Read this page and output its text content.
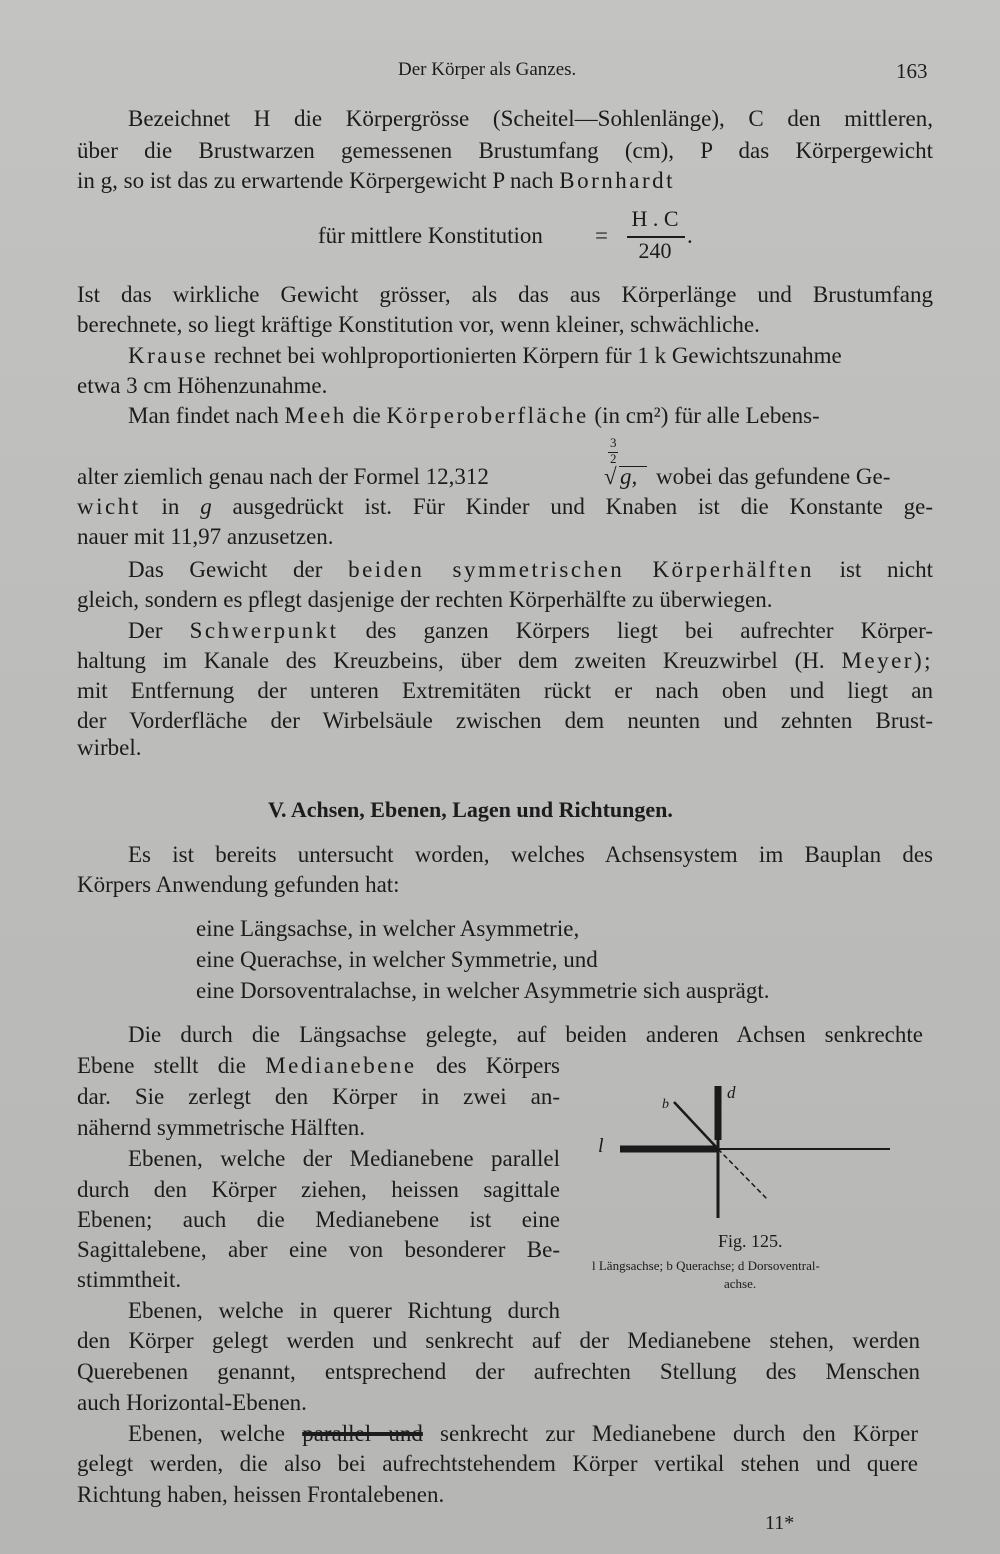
Der Körper als Ganzes.	163
Bezeichnet H die Körpergrösse (Scheitel—Sohlenlänge), C den mittleren,
über die Brustwarzen gemessenen Brustumfang (cm), P das Körpergewicht
in g, so ist das zu erwartende Körpergewicht P nach Bornhardt
für mittlere Konstitution =
H . C
240
.
Ist das wirkliche Gewicht grösser, als das aus Körperlänge und Brustumfang
berechnete, so liegt kräftige Konstitution vor, wenn kleiner, schwächliche.
Krause rechnet bei wohlproportionierten Körpern für 1 k Gewichtszunahme
etwa 3 cm Höhenzunahme.
Man findet nach Meeh die Körperoberfläche (in cm²) für alle Lebens-
3
2
alter ziemlich genau nach der Formel 12,312	√ g, wobei das gefundene Ge-
wicht in g ausgedrückt ist. Für Kinder und Knaben ist die Konstante ge-
nauer mit 11,97 anzusetzen.
Das Gewicht der beiden symmetrischen Körperhälften ist nicht
gleich, sondern es pflegt dasjenige der rechten Körperhälfte zu überwiegen.
Der Schwerpunkt des ganzen Körpers liegt bei aufrechter Körper-
haltung im Kanale des Kreuzbeins, über dem zweiten Kreuzwirbel (H. Meyer);
mit Entfernung der unteren Extremitäten rückt er nach oben und liegt an
der Vorderfläche der Wirbelsäule zwischen dem neunten und zehnten Brust-
wirbel.
V. Achsen, Ebenen, Lagen und Richtungen.
Es ist bereits untersucht worden, welches Achsensystem im Bauplan des
Körpers Anwendung gefunden hat:
eine Längsachse, in welcher Asymmetrie,
eine Querachse, in welcher Symmetrie, und
eine Dorsoventralachse, in welcher Asymmetrie sich ausprägt.
Die durch die Längsachse gelegte, auf beiden anderen Achsen senkrechte
Ebene stellt die Medianebene des Körpers
dar. Sie zerlegt den Körper in zwei an-
nähernd symmetrische Hälften.
Ebenen, welche der Medianebene parallel
durch den Körper ziehen, heissen sagittale
Ebenen; auch die Medianebene ist eine
Sagittalebene, aber eine von besonderer Be-
stimmtheit.
l
b
d
Fig. 125.
l Längsachse; b Querachse; d Dorsoventral-
achse.
Ebenen, welche in querer Richtung durch
den Körper gelegt werden und senkrecht auf der Medianebene stehen, werden
Querebenen genannt, entsprechend der aufrechten Stellung des Menschen
auch Horizontal-Ebenen.
Ebenen, welche parallel und senkrecht zur Medianebene durch den Körper
gelegt werden, die also bei aufrechtstehendem Körper vertikal stehen und quere
Richtung haben, heissen Frontalebenen.
11*
